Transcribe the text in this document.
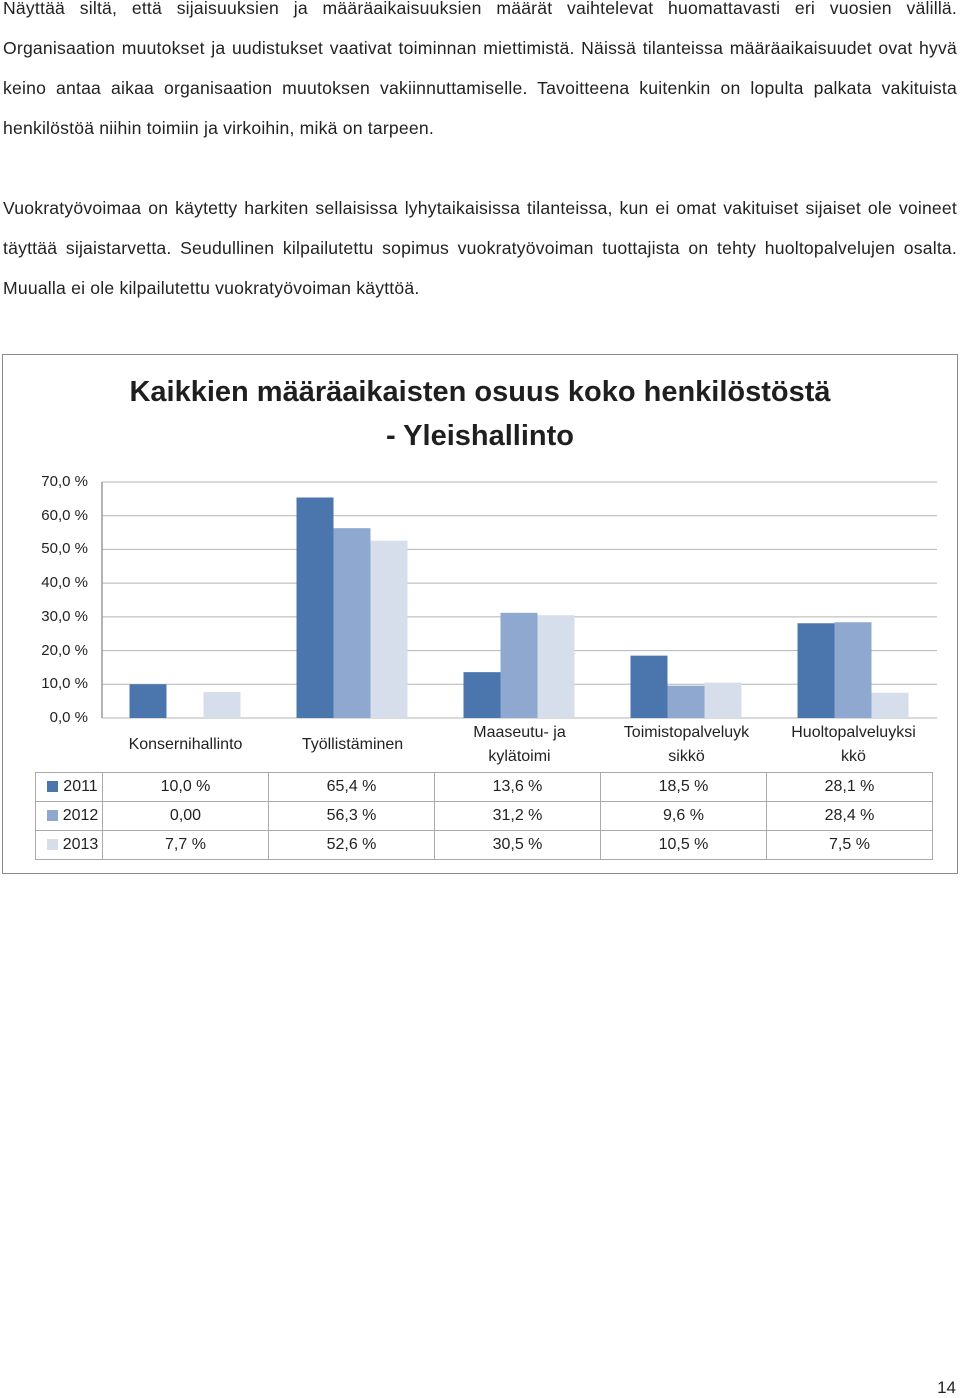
Näyttää siltä, että sijaisuuksien ja määräaikaisuuksien määrät vaihtelevat huomattavasti eri vuosien välillä. Organisaation muutokset ja uudistukset vaativat toiminnan miettimistä. Näissä tilanteissa määräaikaisuudet ovat hyvä keino antaa aikaa organisaation muutoksen vakiinnuttamiselle. Tavoitteena kuitenkin on lopulta palkata vakituista henkilöstöä niihin toimiin ja virkoihin, mikä on tarpeen.
Vuokratyövoimaa on käytetty harkiten sellaisissa lyhytaikaisissa tilanteissa, kun ei omat vakituiset sijaiset ole voineet täyttää sijaistarvetta. Seudullinen kilpailutettu sopimus vuokratyövoiman tuottajista on tehty huoltopalvelujen osalta. Muualla ei ole kilpailutettu vuokratyövoiman käyttöä.
Kaikkien määräaikaisten osuus koko henkilöstöstä
- Yleishallinto
0,0 %
10,0 %
20,0 %
30,0 %
40,0 %
50,0 %
60,0 %
70,0 %
Konsernihallinto	Työllistäminen
Maaseutu- ja
kylätoimi
Toimistopalveluyk
sikkö
Huoltopalveluyksi
kkö
2011	10,0 %	65,4 %	13,6 %	18,5 %	28,1 %
2012	0,00	56,3 %	31,2 %	9,6 %	28,4 %
2013	7,7 %	52,6 %	30,5 %	10,5 %	7,5 %
14
